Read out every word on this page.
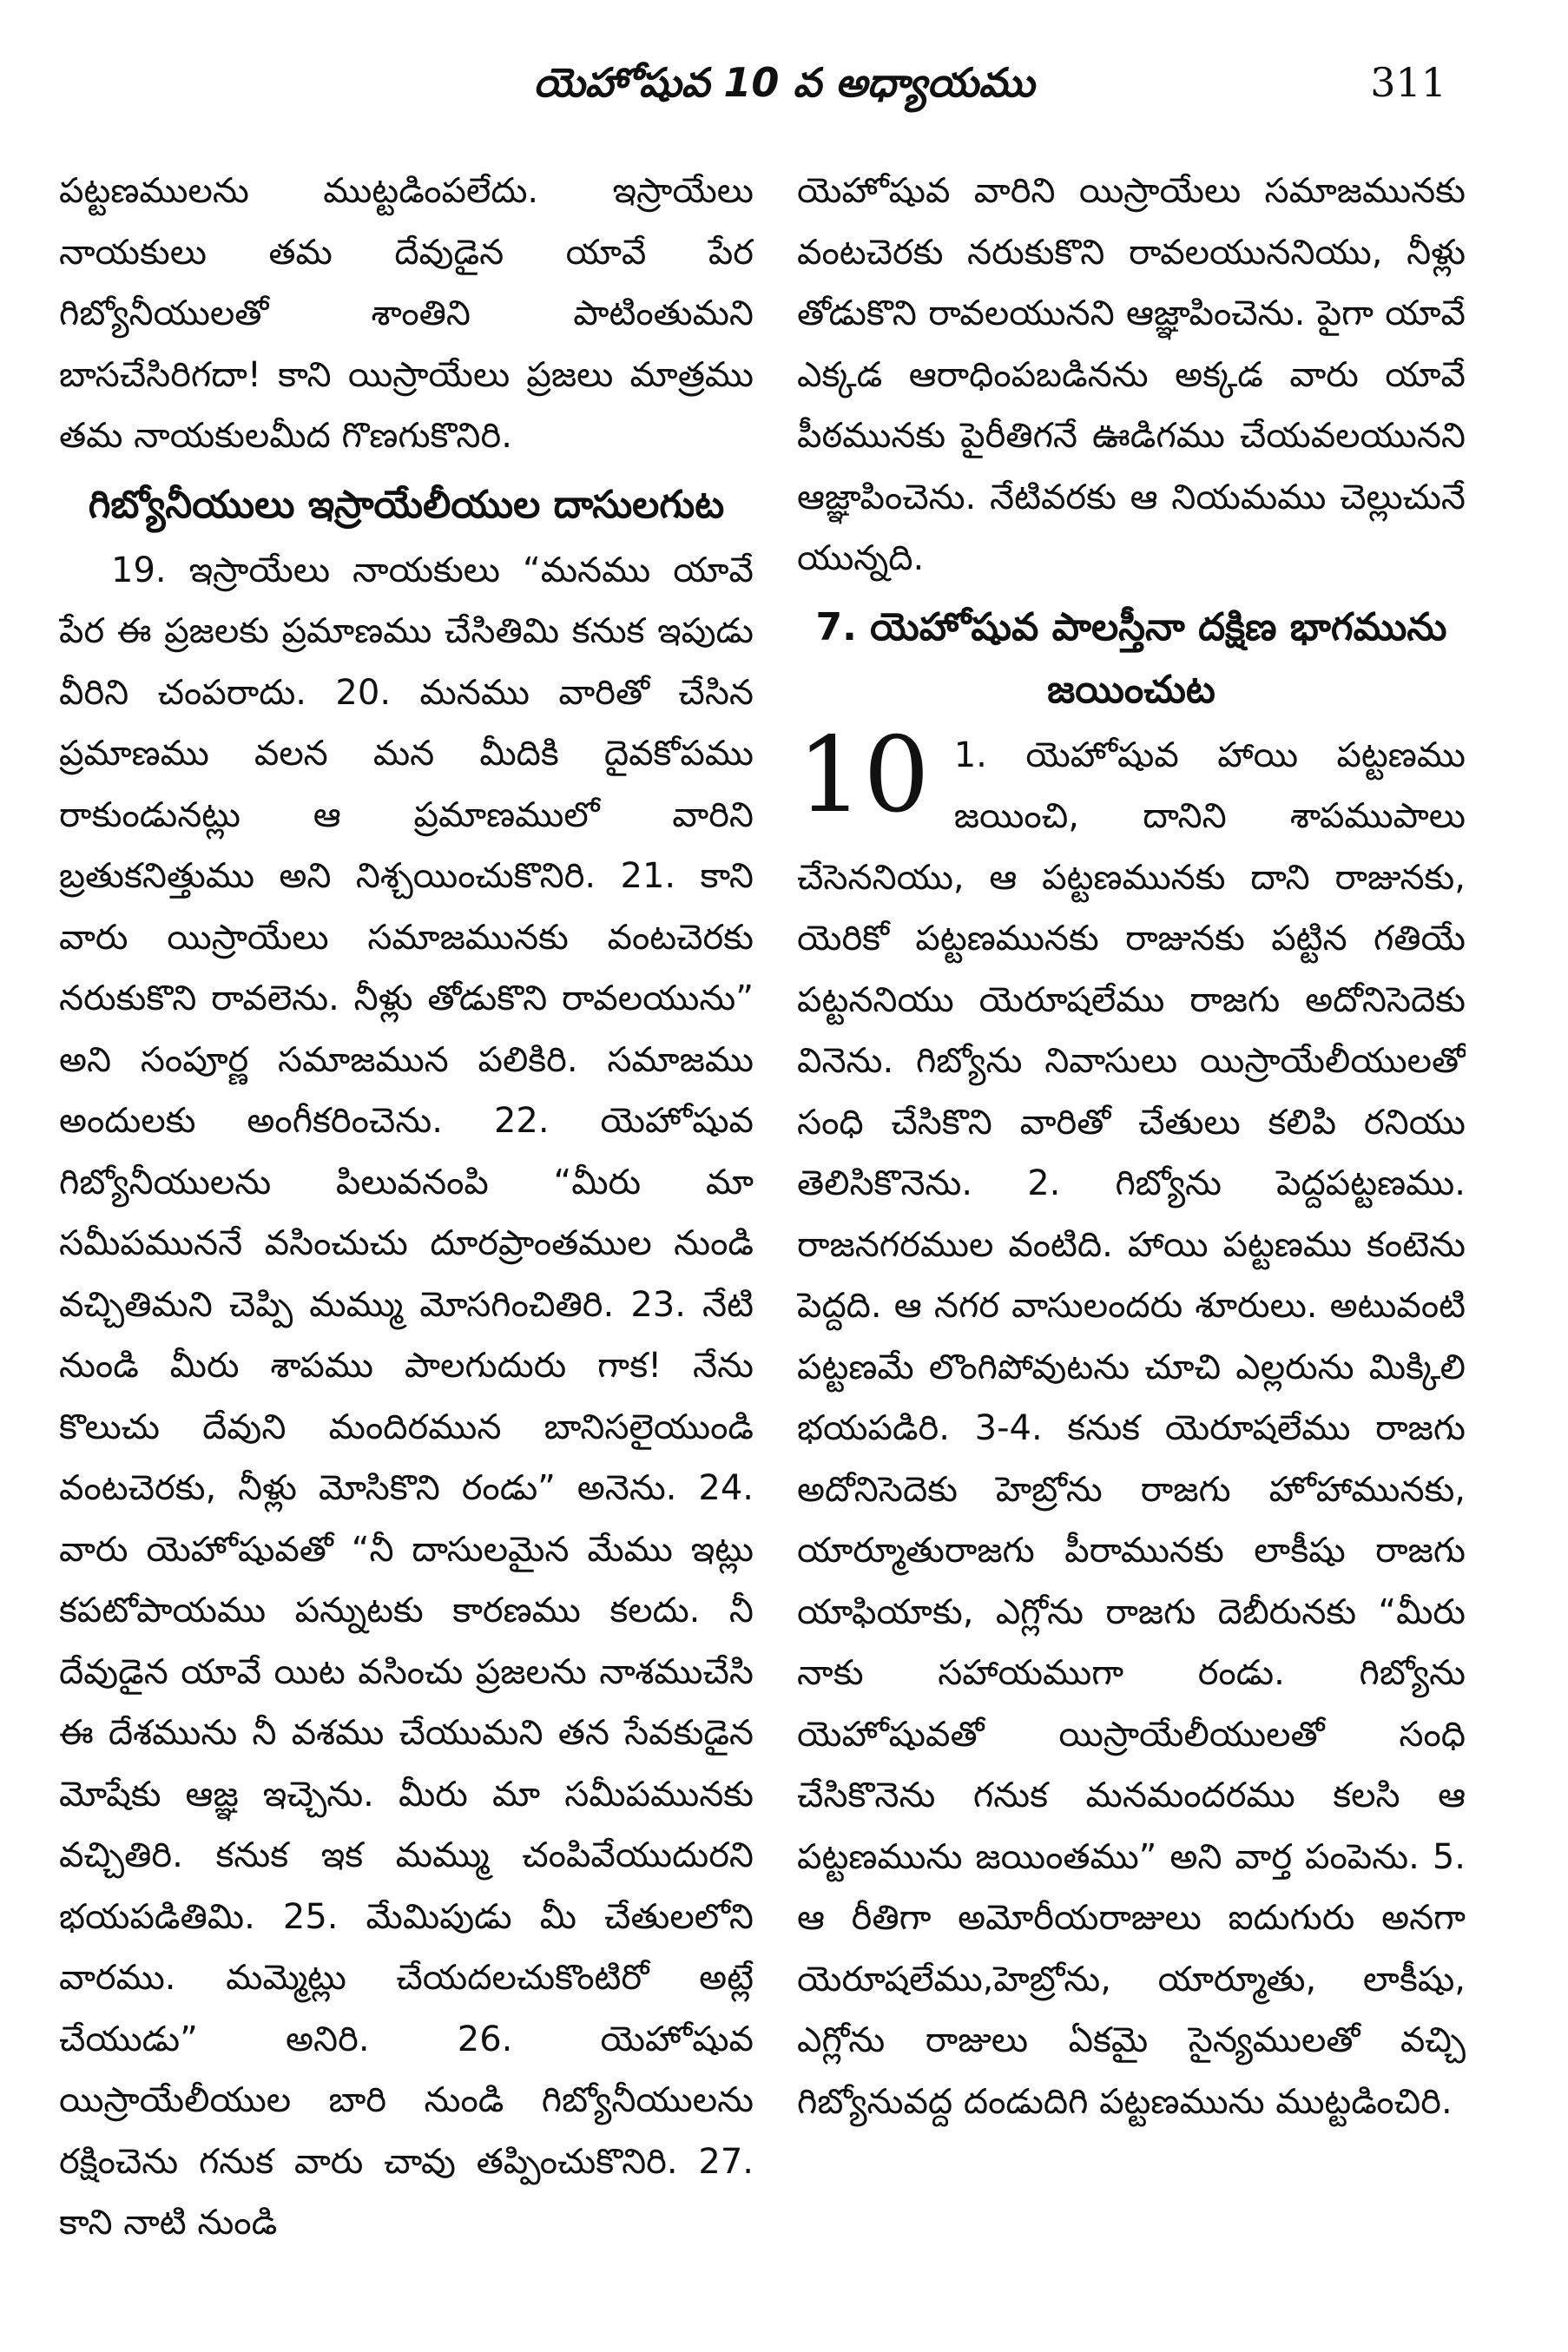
యెహోషువ 10 వ అధ్యాయము	311

పట్టణములను ముట్టడింపలేదు. ఇస్రాయేలు నాయకులు తమ దేవుడైన యావే పేర గిబ్యోనీయులతో శాంతిని పాటింతుమని బాసచేసిరిగదా! కాని యిస్రాయేలు ప్రజలు మాత్రము తమ నాయకులమీద గొణగుకొనిరి.

గిబ్యోనీయులు ఇస్రాయేలీయుల దాసులగుట

19. ఇస్రాయేలు నాయకులు “మనము యావే పేర ఈ ప్రజలకు ప్రమాణము చేసితిమి కనుక ఇపుడు వీరిని చంపరాదు. 20. మనము వారితో చేసిన ప్రమాణము వలన మన మీదికి దైవకోపము రాకుండునట్లు ఆ ప్రమాణములో వారిని బ్రతుకనిత్తుము అని నిశ్చయించుకొనిరి. 21. కాని వారు యిస్రాయేలు సమాజమునకు వంటచెరకు నరుకుకొని రావలెను. నీళ్లు తోడుకొని రావలయును” అని సంపూర్ణ సమాజమున పలికిరి. సమాజము అందులకు అంగీకరించెను. 22. యెహోషువ గిబ్యోనీయులను పిలువనంపి “మీరు మా సమీపముననే వసించుచు దూరప్రాంతముల నుండి వచ్చితిమని చెప్పి మమ్ము మోసగించితిరి. 23. నేటి నుండి మీరు శాపము పాలగుదురు గాక! నేను కొలుచు దేవుని మందిరమున బానిసలైయుండి వంటచెరకు, నీళ్లు మోసికొని రండు” అనెను. 24. వారు యెహోషువతో “నీ దాసులమైన మేము ఇట్లు కపటోపాయము పన్నుటకు కారణము కలదు. నీ దేవుడైన యావే యిట వసించు ప్రజలను నాశముచేసి ఈ దేశమును నీ వశము చేయుమని తన సేవకుడైన మోషేకు ఆజ్ఞ ఇచ్చెను. మీరు మా సమీపమునకు వచ్చితిరి. కనుక ఇక మమ్ము చంపివేయుదురని భయపడితిమి. 25. మేమిపుడు మీ చేతులలోని వారము. మమ్మెట్లు చేయదలచుకొంటిరో అట్లే చేయుడు” అనిరి. 26. యెహోషువ యిస్రాయేలీయుల బారి నుండి గిబ్యోనీయులను రక్షించెను గనుక వారు చావు తప్పించుకొనిరి. 27. కాని నాటి నుండి

యెహోషువ వారిని యిస్రాయేలు సమాజమునకు వంటచెరకు నరుకుకొని రావలయుననియు, నీళ్లు తోడుకొని రావలయునని ఆజ్ఞాపించెను. పైగా యావే ఎక్కడ ఆరాధింపబడినను అక్కడ వారు యావే పీఠమునకు పైరీతిగనే ఊడిగము చేయవలయునని ఆజ్ఞాపించెను. నేటివరకు ఆ నియమము చెల్లుచునే యున్నది.

7. యెహోషువ పాలస్తీనా దక్షిణ భాగమును జయించుట
10 1. యెహోషువ హాయి పట్టణము జయించి, దానిని శాపముపాలు చేసెననియు, ఆ పట్టణమునకు దాని రాజునకు, యెరికో పట్టణమునకు రాజునకు పట్టిన గతియే పట్టననియు యెరూషలేము రాజగు అదోనిసెదెకు వినెను. గిబ్యోను నివాసులు యిస్రాయేలీయులతో సంధి చేసికొని వారితో చేతులు కలిపి రనియు తెలిసికొనెను. 2. గిబ్యోను పెద్దపట్టణము. రాజనగరముల వంటిది. హాయి పట్టణము కంటెను పెద్దది. ఆ నగర వాసులందరు శూరులు. అటువంటి పట్టణమే లొంగిపోవుటను చూచి ఎల్లరును మిక్కిలి భయపడిరి. 3-4. కనుక యెరూషలేము రాజగు అదోనిసెదెకు హెబ్రోను రాజగు హోహామునకు, యార్మూతురాజగు పీరామునకు లాకీషు రాజగు యాఫియాకు, ఎగ్లోను రాజగు దెబీరునకు “మీరు నాకు సహాయముగా రండు. గిబ్యోను యెహోషువతో యిస్రాయేలీయులతో సంధి చేసికొనెను గనుక మనమందరము కలసి ఆ పట్టణమును జయింతము” అని వార్త పంపెను. 5. ఆ రీతిగా అమోరీయరాజులు ఐదుగురు అనగా యెరూషలేము,హెబ్రోను, యార్మూతు, లాకీషు, ఎగ్లోను రాజులు ఏకమై సైన్యములతో వచ్చి గిబ్యోనువద్ద దండుదిగి పట్టణమును ముట్టడించిరి.
